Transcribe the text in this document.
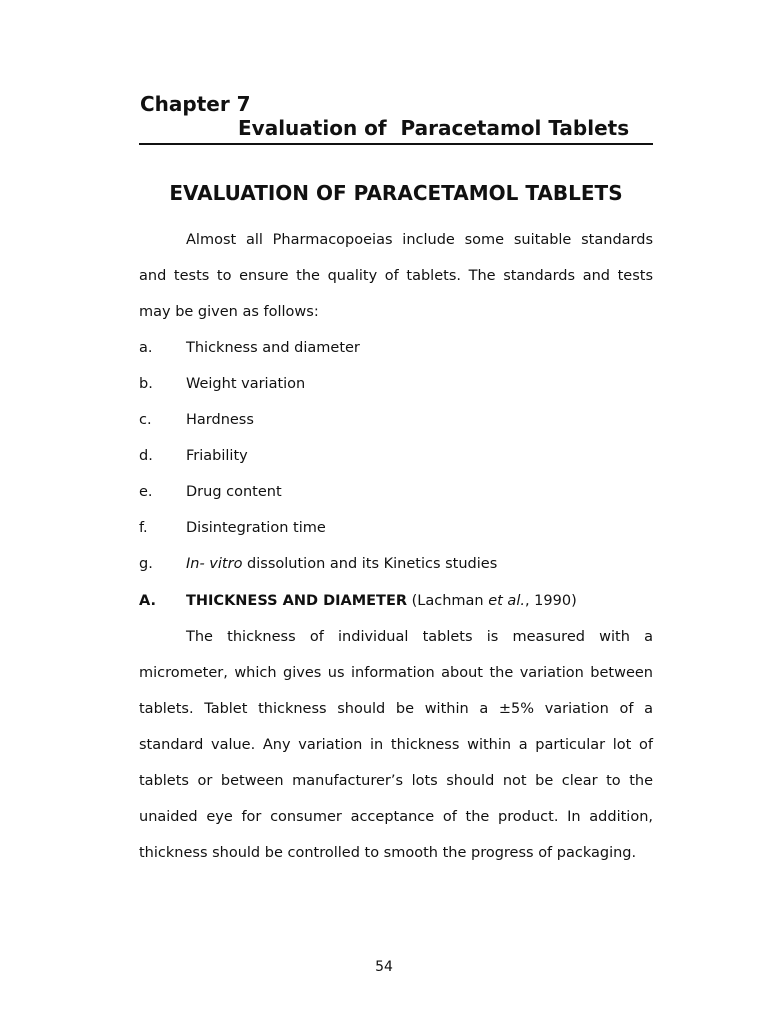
Chapter 7
Evaluation of  Paracetamol Tablets
EVALUATION OF PARACETAMOL TABLETS

Almost all Pharmacopoeias include some suitable standards and tests to ensure the quality of tablets. The standards and tests may be given as follows:

a. Thickness and diameter
b. Weight variation
c. Hardness
d. Friability
e. Drug content
f.	Disintegration time
g. In- vitro dissolution and its Kinetics studies
A. THICKNESS AND DIAMETER (Lachman et al., 1990)

The thickness of individual tablets is measured with a micrometer, which gives us information about the variation between tablets. Tablet thickness should be within a ±5% variation of a standard value. Any variation in thickness within a particular lot of tablets or between manufacturer’s lots should not be clear to the unaided eye for consumer acceptance of the product. In addition, thickness should be controlled to smooth the progress of packaging.

54
